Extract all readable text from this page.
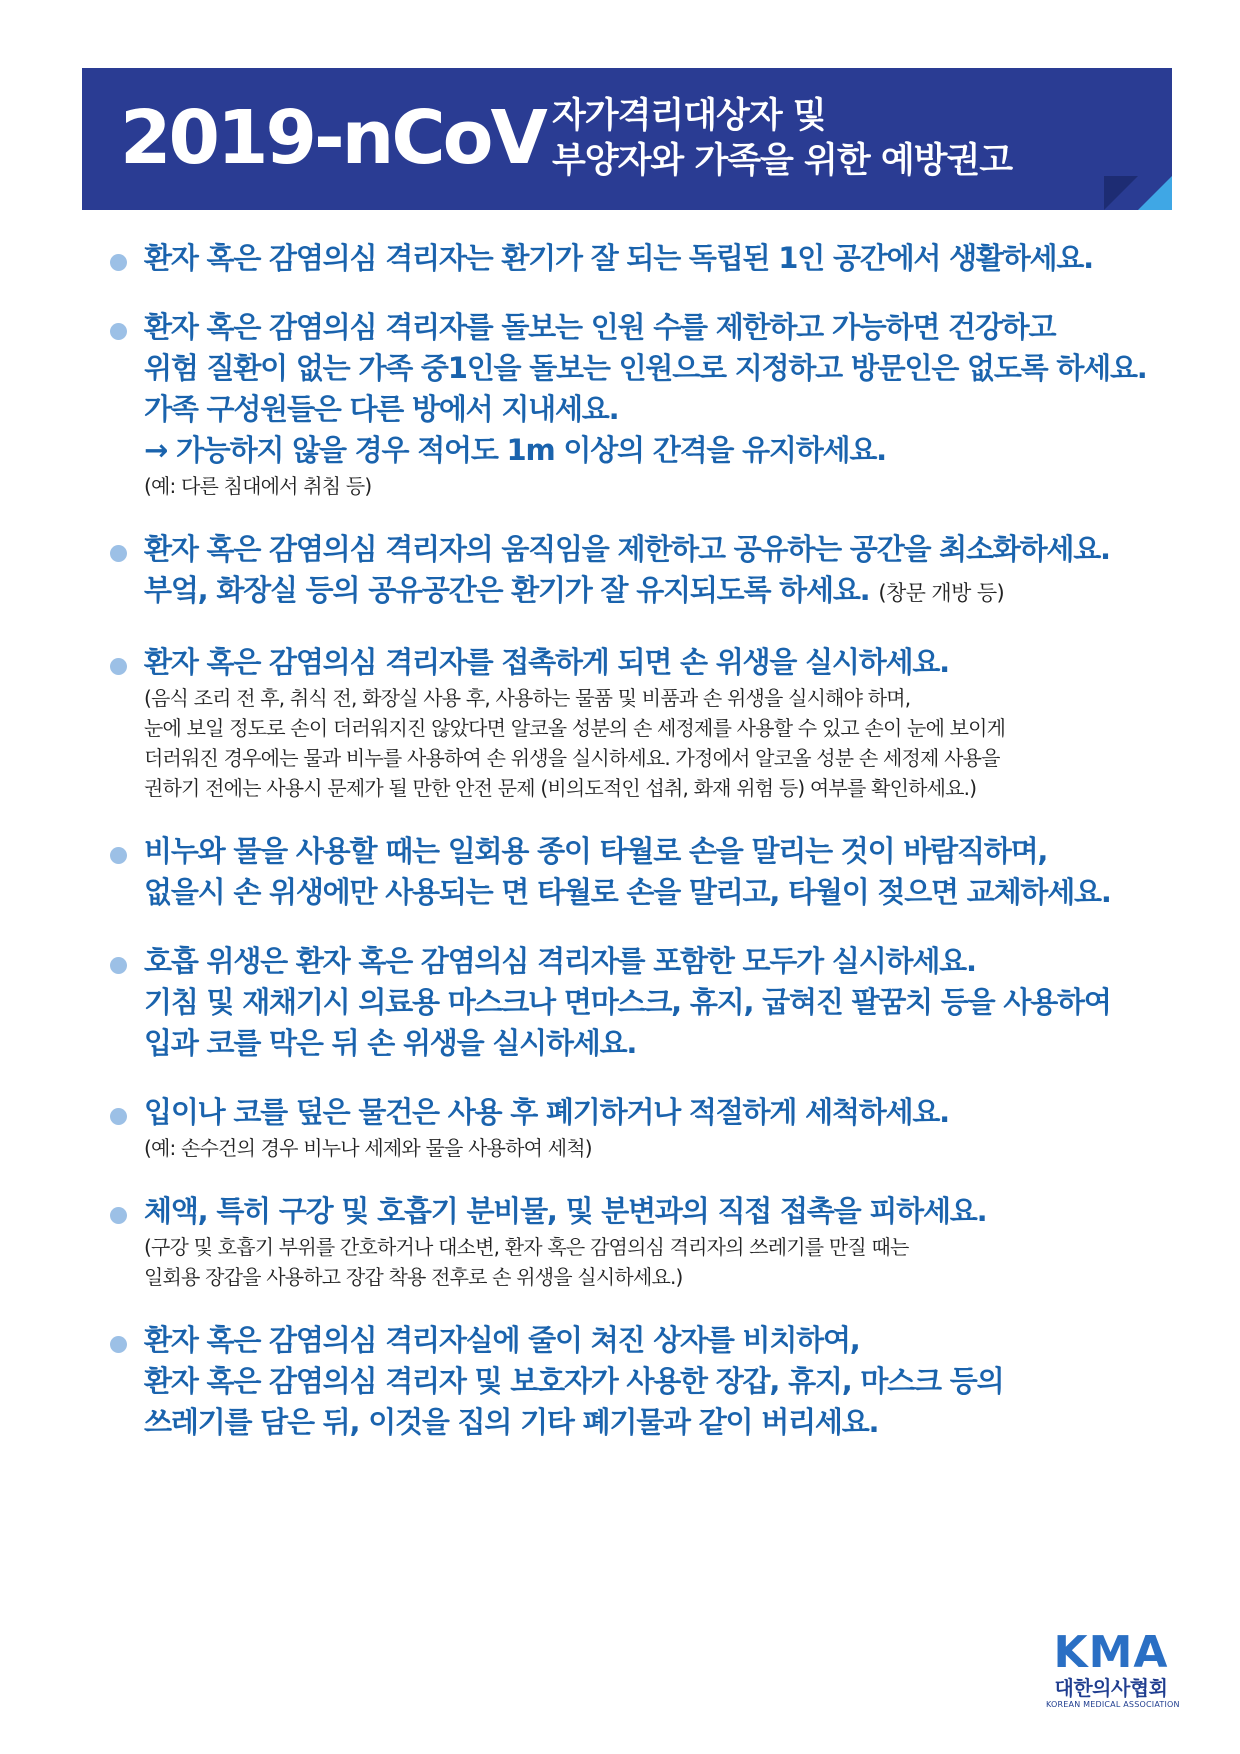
2019-nCoV 자가격리대상자 및
부양자와 가족을 위한 예방권고
환자 혹은 감염의심 격리자는 환기가 잘 되는 독립된 1인 공간에서 생활하세요.
환자 혹은 감염의심 격리자를 돌보는 인원 수를 제한하고 가능하면 건강하고
위험 질환이 없는 가족 중1인을 돌보는 인원으로 지정하고 방문인은 없도록 하세요.
가족 구성원들은 다른 방에서 지내세요.
→ 가능하지 않을 경우 적어도 1m 이상의 간격을 유지하세요.
(예: 다른 침대에서 취침 등)
환자 혹은 감염의심 격리자의 움직임을 제한하고 공유하는 공간을 최소화하세요.
부엌, 화장실 등의 공유공간은 환기가 잘 유지되도록 하세요. (창문 개방 등)
환자 혹은 감염의심 격리자를 접촉하게 되면 손 위생을 실시하세요.
(음식 조리 전 후, 취식 전, 화장실 사용 후, 사용하는 물품 및 비품과 손 위생을 실시해야 하며,
눈에 보일 정도로 손이 더러워지진 않았다면 알코올 성분의 손 세정제를 사용할 수 있고 손이 눈에 보이게
더러워진 경우에는 물과 비누를 사용하여 손 위생을 실시하세요. 가정에서 알코올 성분 손 세정제 사용을
권하기 전에는 사용시 문제가 될 만한 안전 문제 (비의도적인 섭취, 화재 위험 등) 여부를 확인하세요.)
비누와 물을 사용할 때는 일회용 종이 타월로 손을 말리는 것이 바람직하며,
없을시 손 위생에만 사용되는 면 타월로 손을 말리고, 타월이 젖으면 교체하세요.
호흡 위생은 환자 혹은 감염의심 격리자를 포함한 모두가 실시하세요.
기침 및 재채기시 의료용 마스크나 면마스크, 휴지, 굽혀진 팔꿈치 등을 사용하여
입과 코를 막은 뒤 손 위생을 실시하세요.
입이나 코를 덮은 물건은 사용 후 폐기하거나 적절하게 세척하세요.
(예: 손수건의 경우 비누나 세제와 물을 사용하여 세척)
체액, 특히 구강 및 호흡기 분비물, 및 분변과의 직접 접촉을 피하세요.
(구강 및 호흡기 부위를 간호하거나 대소변, 환자 혹은 감염의심 격리자의 쓰레기를 만질 때는
일회용 장갑을 사용하고 장갑 착용 전후로 손 위생을 실시하세요.)
환자 혹은 감염의심 격리자실에 줄이 쳐진 상자를 비치하여,
환자 혹은 감염의심 격리자 및 보호자가 사용한 장갑, 휴지, 마스크 등의
쓰레기를 담은 뒤, 이것을 집의 기타 폐기물과 같이 버리세요.
KMA
대한의사협회
KOREAN MEDICAL ASSOCIATION
